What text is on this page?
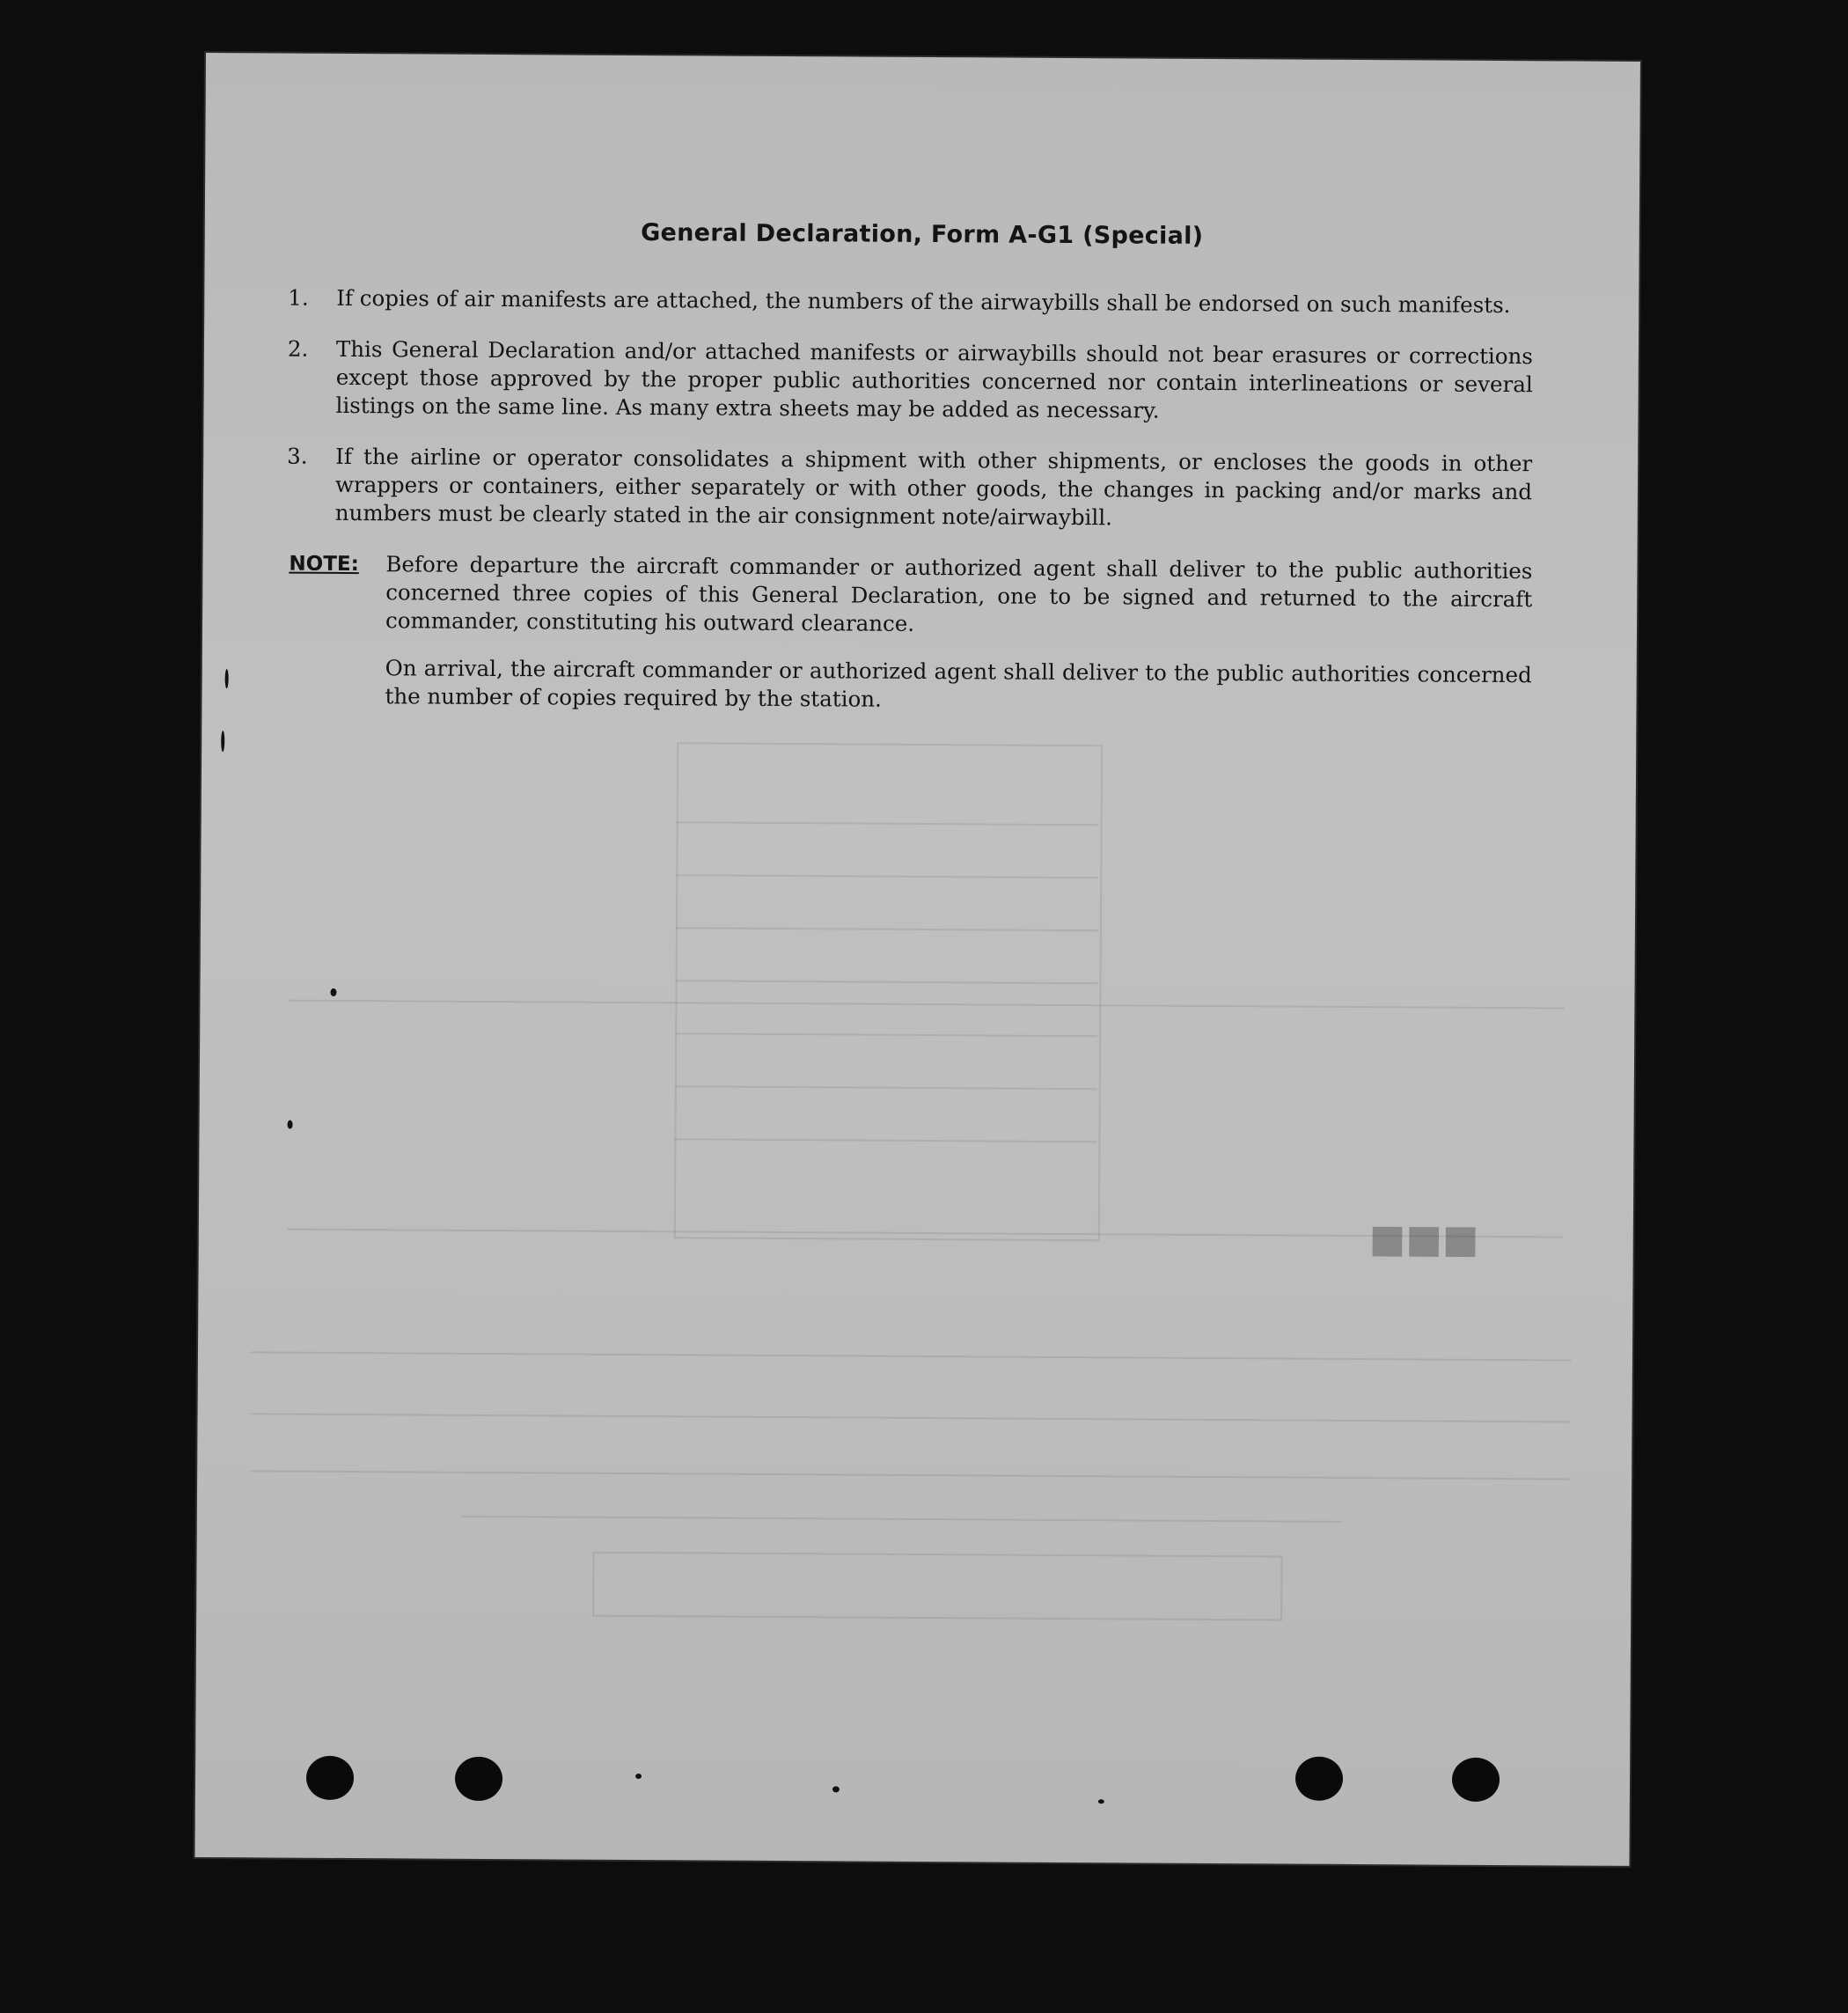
■■■
General Declaration, Form A-G1 (Special)
1.	If copies of air manifests are attached, the numbers of the airwaybills shall be endorsed on such manifests.
2.	This General Declaration and/or attached manifests or airwaybills should not bear erasures or corrections except those approved by the proper public authorities concerned nor contain interlineations or several listings on the same line. As many extra sheets may be added as necessary.
3.	If the airline or operator consolidates a shipment with other shipments, or encloses the goods in other wrappers or containers, either separately or with other goods, the changes in packing and/or marks and numbers must be clearly stated in the air consignment note/airwaybill.
NOTE: Before departure the aircraft commander or authorized agent shall deliver to the public authorities concerned three copies of this General Declaration, one to be signed and returned to the aircraft commander, constituting his outward clearance.
On arrival, the aircraft commander or authorized agent shall deliver to the public authorities concerned the number of copies required by the station.
